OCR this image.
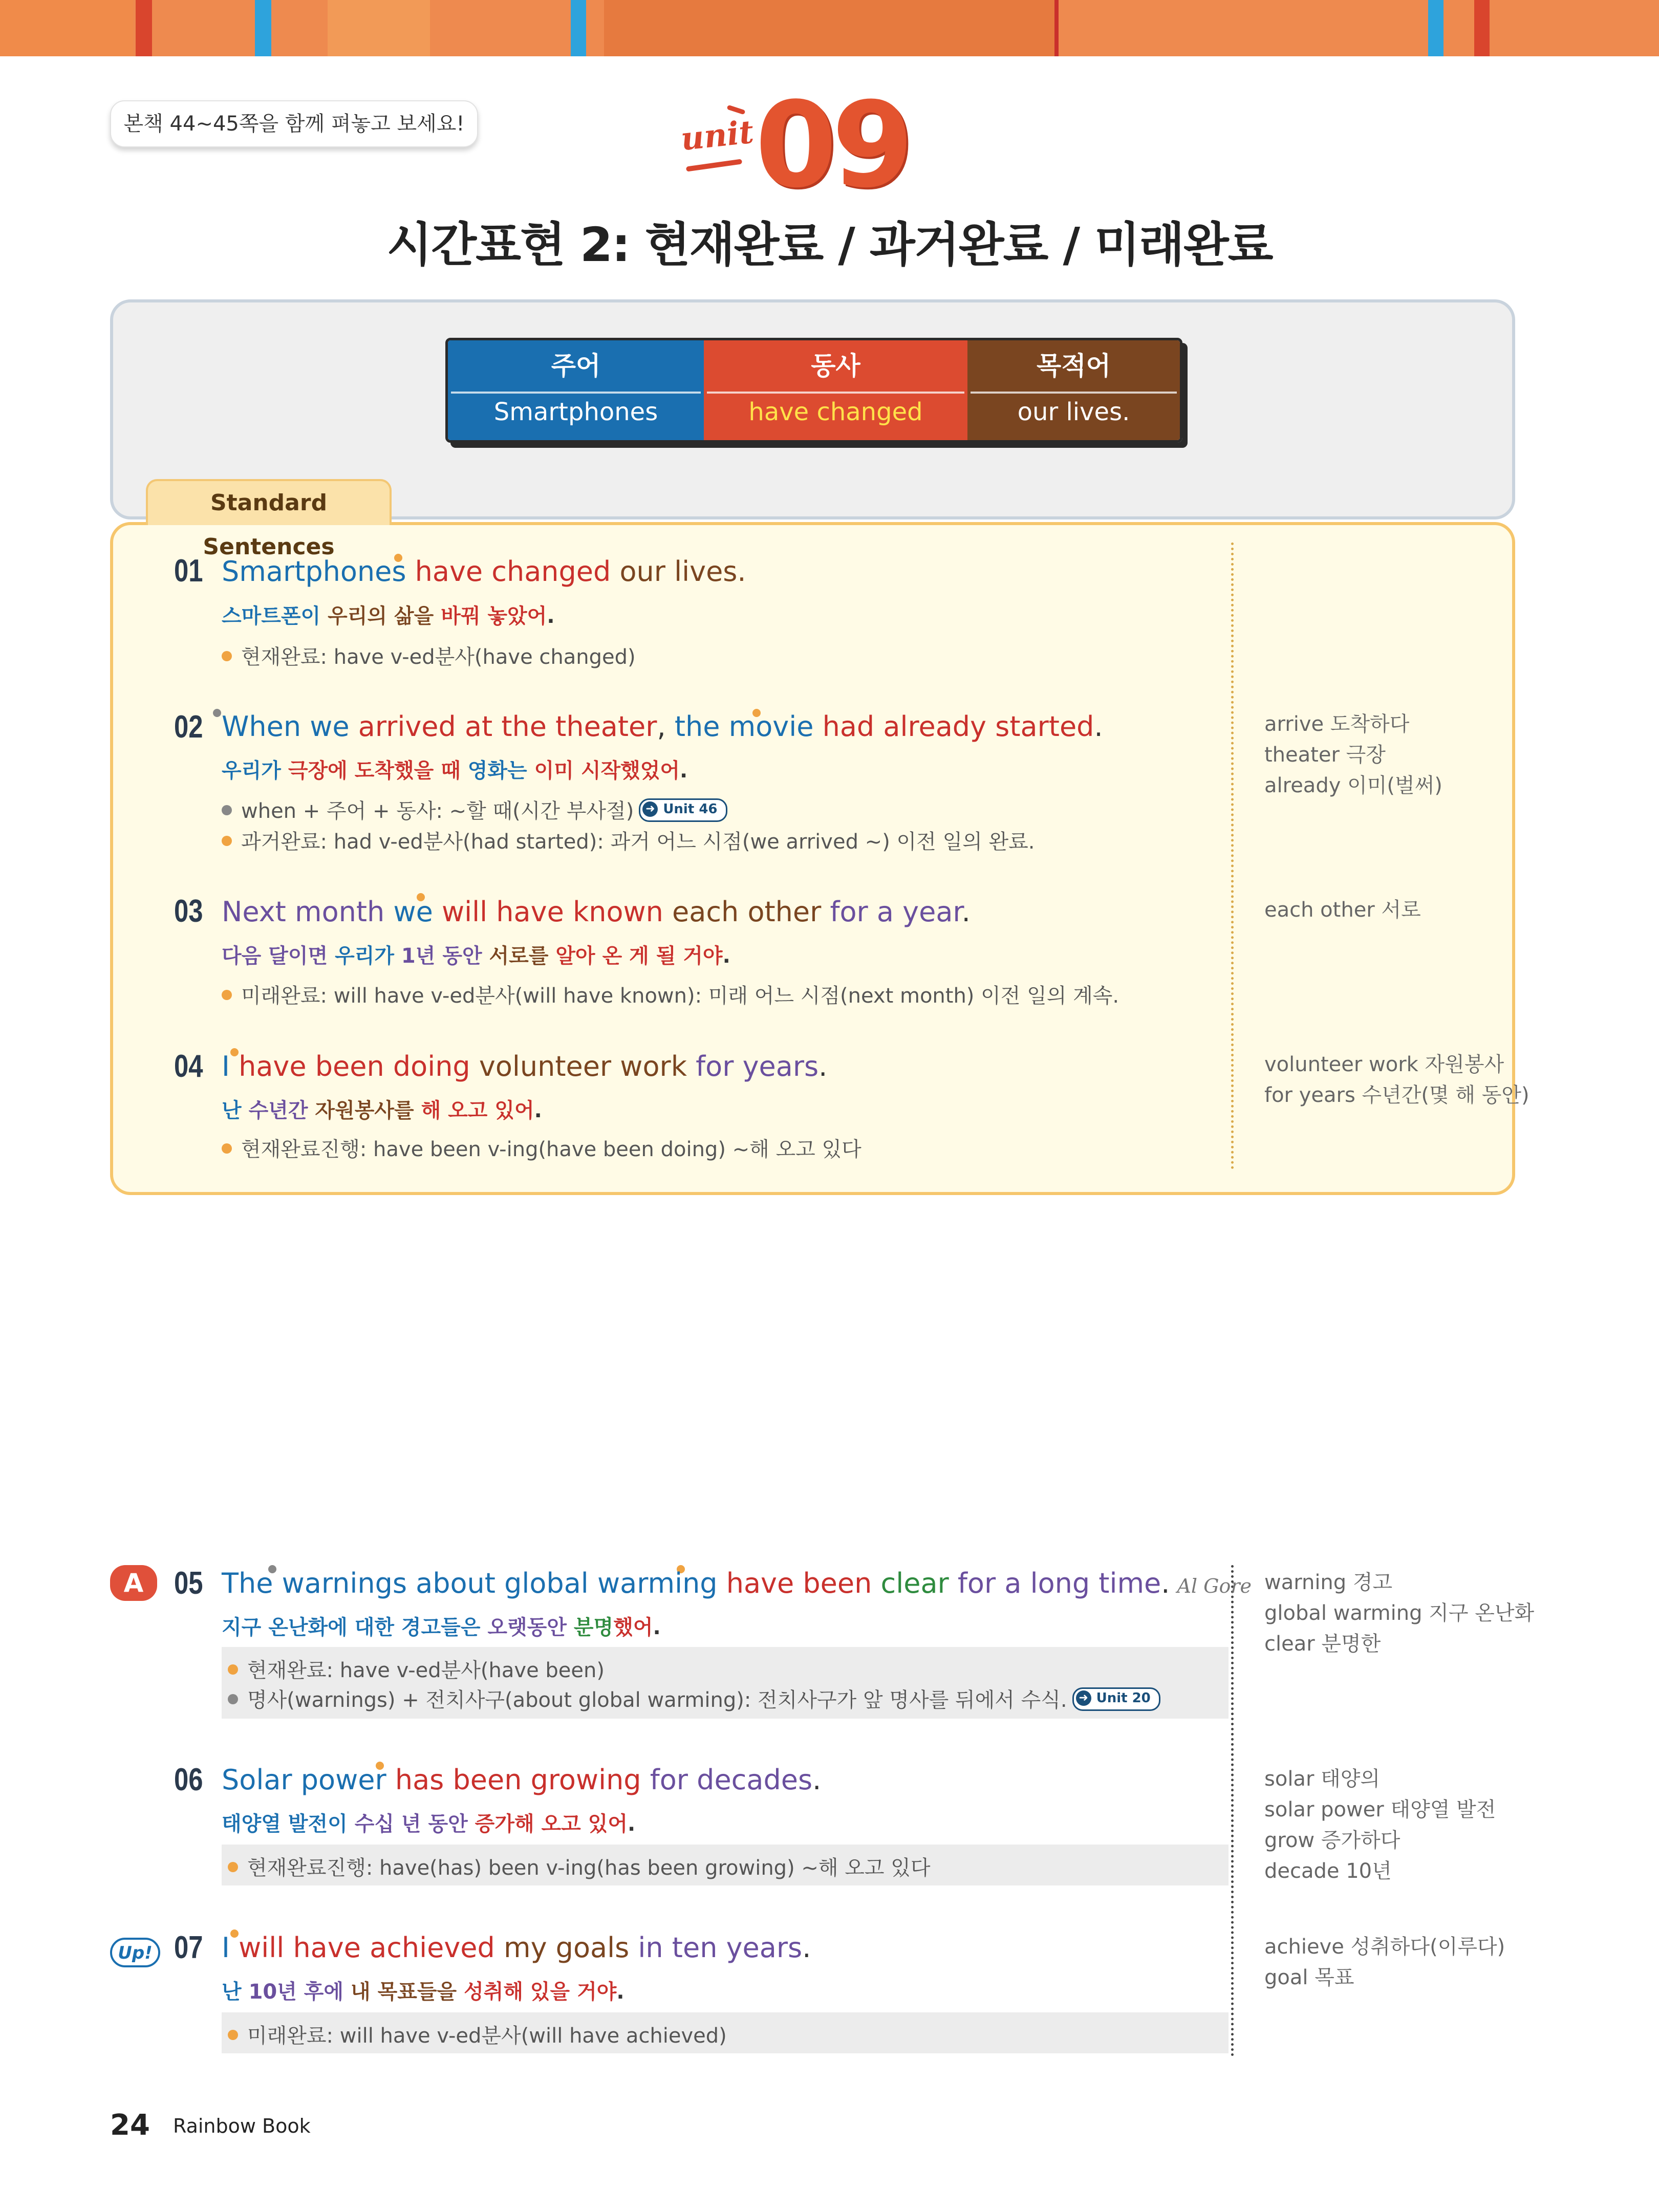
본책 44~45쪽을 함께 펴놓고 보세요!	unit 09
시간표현 2: 현재완료 / 과거완료 / 미래완료
주어
Smartphones
동사
have changed
목적어
our lives.
Standard Sentences
01 Smartphones have changed our lives.
스마트폰이 우리의 삶을 바꿔 놓았어.
현재완료: have v-ed분사(have changed)
02 When we arrived at the theater, the movie had already started.
우리가 극장에 도착했을 때 영화는 이미 시작했었어.
when + 주어 + 동사: ~할 때(시간 부사절) ➜ Unit 46
과거완료: had v-ed분사(had started): 과거 어느 시점(we arrived ~) 이전 일의 완료.
arrive 도착하다
theater 극장
already 이미(벌써)
03 Next month we will have known each other for a year.
다음 달이면 우리가 1년 동안 서로를 알아 온 게 될 거야.
미래완료: will have v-ed분사(will have known): 미래 어느 시점(next month) 이전 일의 계속.
each other 서로
04 I have been doing volunteer work for years.
난 수년간 자원봉사를 해 오고 있어.
현재완료진행: have been v-ing(have been doing) ~해 오고 있다
volunteer work 자원봉사
for years 수년간(몇 해 동안)
A 05 The warnings about global warming have been clear for a long time. Al Gore
지구 온난화에 대한 경고들은 오랫동안 분명했어.
현재완료: have v-ed분사(have been)
명사(warnings) + 전치사구(about global warming): 전치사구가 앞 명사를 뒤에서 수식. ➜ Unit 20
warning 경고
global warming 지구 온난화
clear 분명한
06 Solar power has been growing for decades.
태양열 발전이 수십 년 동안 증가해 오고 있어.
현재완료진행: have(has) been v-ing(has been growing) ~해 오고 있다
solar 태양의
solar power 태양열 발전
grow 증가하다
decade 10년
Up! 07 I will have achieved my goals in ten years.
난 10년 후에 내 목표들을 성취해 있을 거야.
미래완료: will have v-ed분사(will have achieved)
achieve 성취하다(이루다)
goal 목표
24 Rainbow Book
